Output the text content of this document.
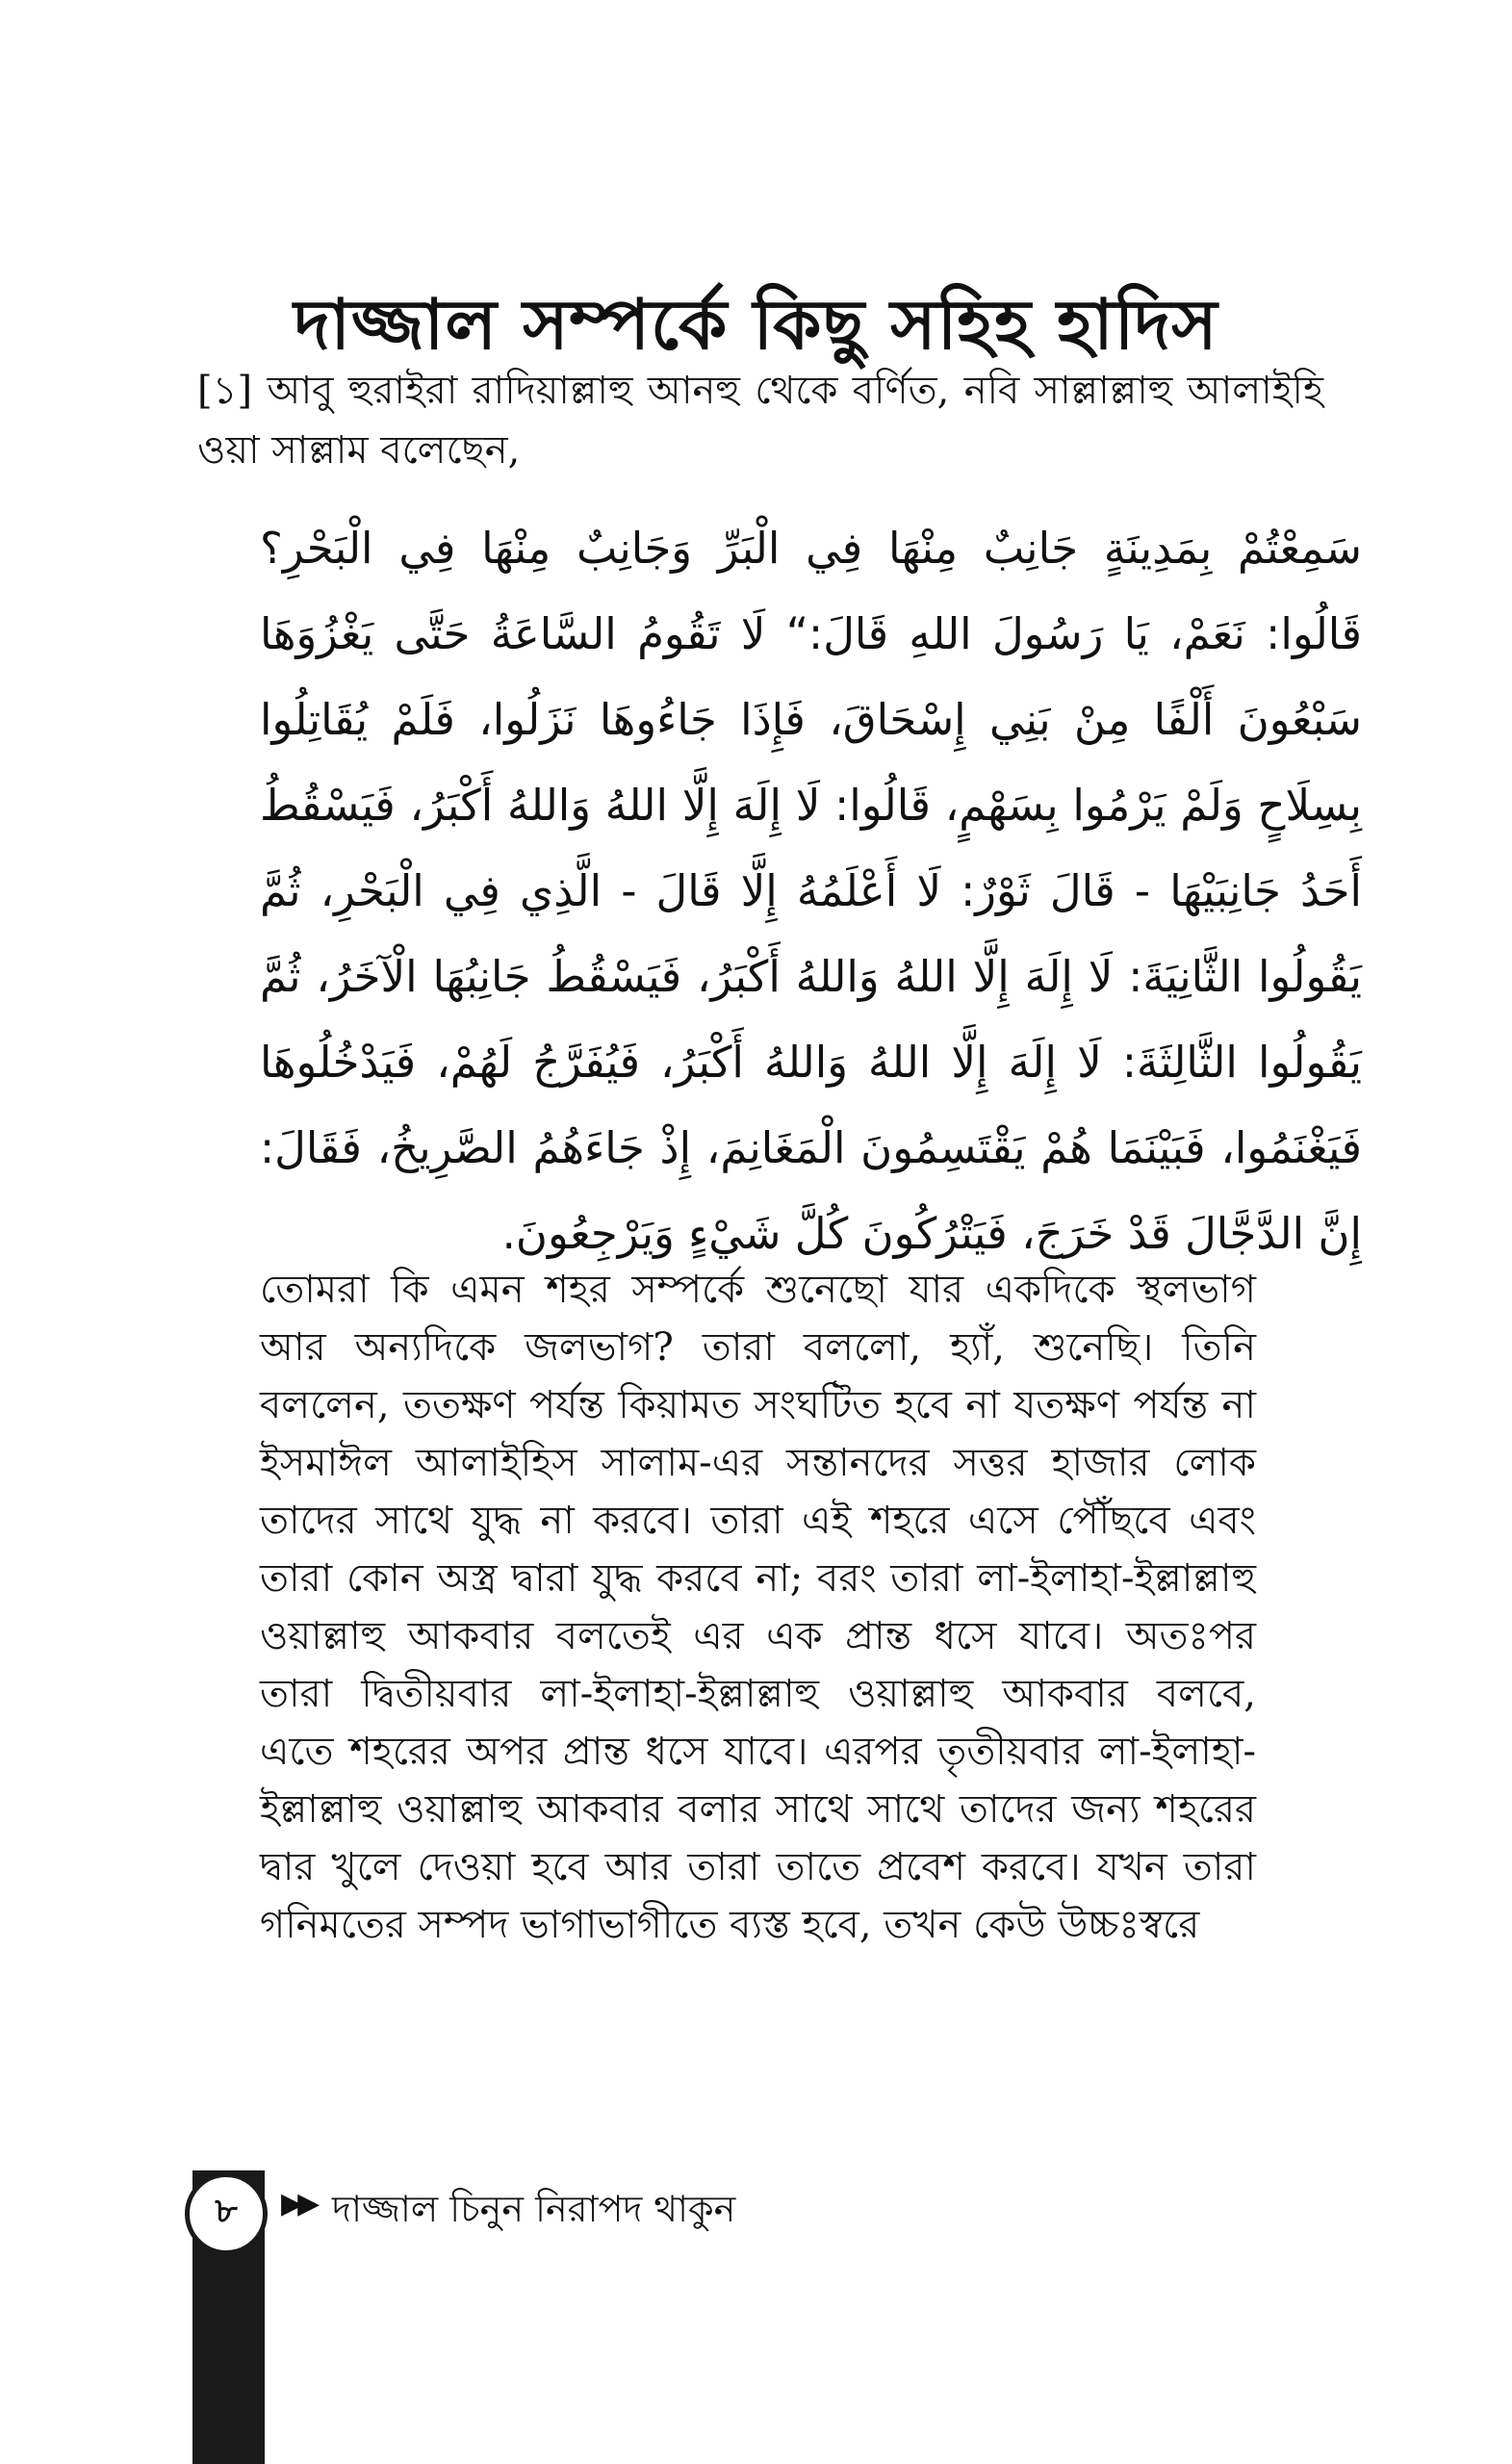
দাজ্জাল সম্পর্কে কিছু সহিহ হাদিস

[১] আবু হুরাইরা রাদিয়াল্লাহু আনহু থেকে বর্ণিত, নবি সাল্লাল্লাহু আলাইহি ওয়া সাল্লাম বলেছেন,

سَمِعْتُمْ بِمَدِينَةٍ جَانِبٌ مِنْهَا فِي الْبَرِّ وَجَانِبٌ مِنْهَا فِي الْبَحْرِ؟ قَالُوا: نَعَمْ، يَا رَسُولَ اللهِ قَالَ:“ لَا تَقُومُ السَّاعَةُ حَتَّى يَغْزُوَهَا سَبْعُونَ أَلْفًا مِنْ بَنِي إِسْحَاقَ، فَإِذَا جَاءُوهَا نَزَلُوا، فَلَمْ يُقَاتِلُوا بِسِلَاحٍ وَلَمْ يَرْمُوا بِسَهْمٍ، قَالُوا: لَا إِلَهَ إِلَّا اللهُ وَاللهُ أَكْبَرُ، فَيَسْقُطُ أَحَدُ جَانِبَيْهَا - قَالَ ثَوْرٌ: لَا أَعْلَمُهُ إِلَّا قَالَ - الَّذِي فِي الْبَحْرِ، ثُمَّ يَقُولُوا الثَّانِيَةَ: لَا إِلَهَ إِلَّا اللهُ وَاللهُ أَكْبَرُ، فَيَسْقُطُ جَانِبُهَا الْآخَرُ، ثُمَّ يَقُولُوا الثَّالِثَةَ: لَا إِلَهَ إِلَّا اللهُ وَاللهُ أَكْبَرُ، فَيُفَرَّجُ لَهُمْ، فَيَدْخُلُوهَا فَيَغْنَمُوا، فَبَيْنَمَا هُمْ يَقْتَسِمُونَ الْمَغَانِمَ، إِذْ جَاءَهُمُ الصَّرِيخُ، فَقَالَ: إِنَّ الدَّجَّالَ قَدْ خَرَجَ، فَيَتْرُكُونَ كُلَّ شَيْءٍ وَيَرْجِعُونَ.

তোমরা কি এমন শহর সম্পর্কে শুনেছো যার একদিকে স্থলভাগ আর অন্যদিকে জলভাগ? তারা বললো, হ্যাঁ, শুনেছি। তিনি বললেন, ততক্ষণ পর্যন্ত কিয়ামত সংঘটিত হবে না যতক্ষণ পর্যন্ত না ইসমাঈল আলাইহিস সালাম-এর সন্তানদের সত্তর হাজার লোক তাদের সাথে যুদ্ধ না করবে। তারা এই শহরে এসে পৌঁছবে এবং তারা কোন অস্ত্র দ্বারা যুদ্ধ করবে না; বরং তারা লা-ইলাহা-ইল্লাল্লাহু ওয়াল্লাহু আকবার বলতেই এর এক প্রান্ত ধসে যাবে। অতঃপর তারা দ্বিতীয়বার লা-ইলাহা-ইল্লাল্লাহু ওয়াল্লাহু আকবার বলবে, এতে শহরের অপর প্রান্ত ধসে যাবে। এরপর তৃতীয়বার লা-ইলাহা-ইল্লাল্লাহু ওয়াল্লাহু আকবার বলার সাথে সাথে তাদের জন্য শহরের দ্বার খুলে দেওয়া হবে আর তারা তাতে প্রবেশ করবে। যখন তারা গনিমতের সম্পদ ভাগাভাগীতে ব্যস্ত হবে, তখন কেউ উচ্চঃস্বরে

৮	▶▶ দাজ্জাল চিনুন নিরাপদ থাকুন
